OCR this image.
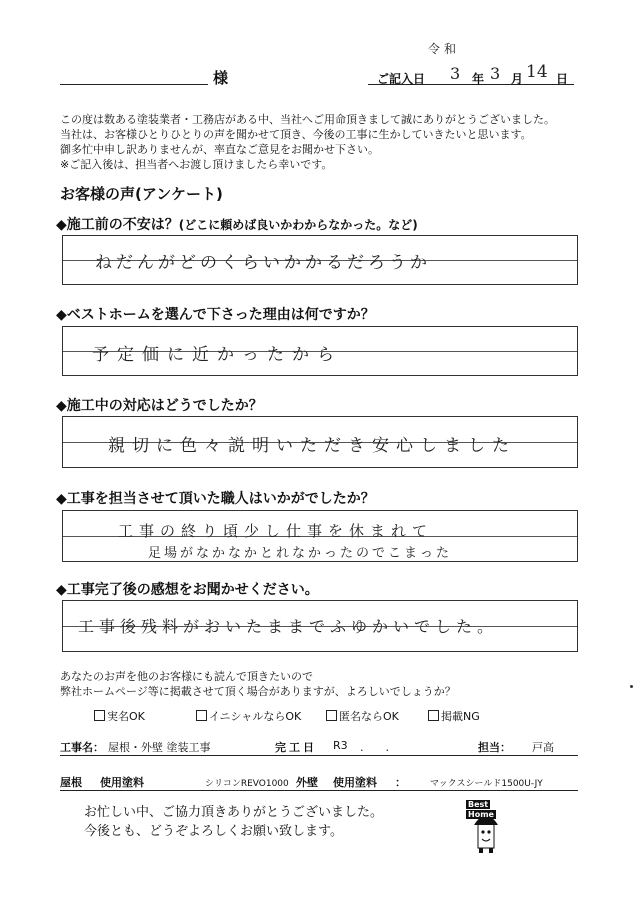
様	ご記入日
令和
3 年 3 月 14 日
この度は数ある塗装業者・工務店がある中、当社へご用命頂きまして誠にありがとうございました。
当社は、お客様ひとりひとりの声を聞かせて頂き、今後の工事に生かしていきたいと思います。
御多忙中申し訳ありませんが、率直なご意見をお聞かせ下さい。
※ご記入後は、担当者へお渡し頂けましたら幸いです。
お客様の声(アンケート)
◆施工前の不安は？(どこに頼めば良いかわからなかった。など)
ねだんがどのくらいかかるだろうか
◆ベストホームを選んで下さった理由は何ですか？
予定価に近かったから
◆施工中の対応はどうでしたか？
親切に色々説明いただき安心しました
◆工事を担当させて頂いた職人はいかがでしたか？
工事の終り頃少し仕事を休まれて
足場がなかなかとれなかったのでこまった
◆工事完了後の感想をお聞かせください。
工事後残料がおいたままでふゆかいでした。
あなたのお声を他のお客様にも読んで頂きたいので
弊社ホームページ等に掲載させて頂く場合がありますが、よろしいでしょうか？
実名OK	イニシャルならOK	匿名ならOK	掲載NG
工事名： 屋根・外壁 塗装工事	完工日 R3 .　　.	担当： 戸高
屋根 使用塗料	シリコンREVO1000 外壁 使用塗料 ：	マックスシールド1500U-JY
お忙しい中、ご協力頂きありがとうございました。
今後とも、どうぞよろしくお願い致します。
Best
Home
